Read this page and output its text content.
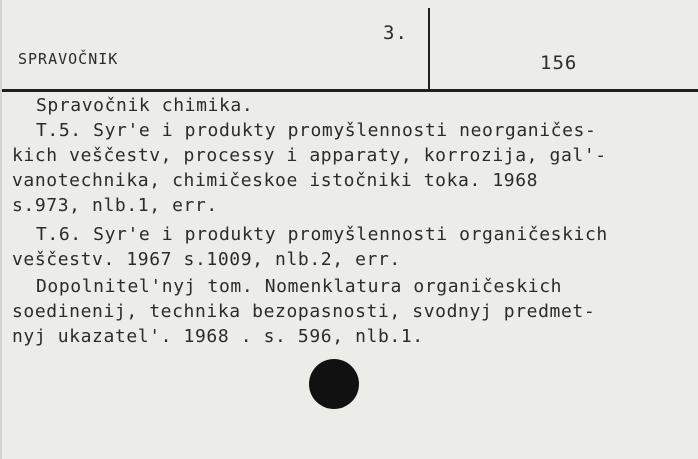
3.
SPRAVOČNIK	156
Spravočnik chimika.
T.5. Syr'e i produkty promyšlennosti neorganičes-
kich veščestv, processy i apparaty, korrozija, gal'-
vanotechnika, chimičeskoe istočniki toka. 1968
s.973, nlb.1, err.
T.6. Syr'e i produkty promyšlennosti organičeskich
veščestv. 1967 s.1009, nlb.2, err.
Dopolnitel'nyj tom. Nomenklatura organičeskich
soedinenij, technika bezopasnosti, svodnyj predmet-
nyj ukazatel'. 1968 . s. 596, nlb.1.
